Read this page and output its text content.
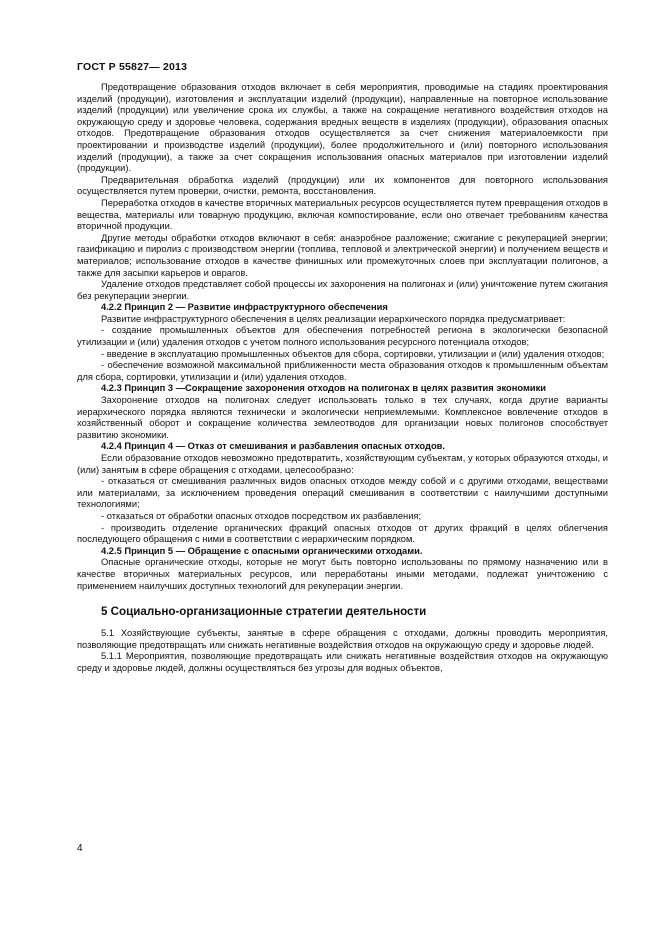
ГОСТ Р 55827— 2013

Предотвращение образования отходов включает в себя мероприятия, проводимые на стадиях проектирования изделий (продукции), изготовления и эксплуатации изделий (продукции), направленные на повторное использование изделий (продукции) или увеличение срока их службы, а также на сокращение негативного воздействия отходов на окружающую среду и здоровье человека, содержания вредных веществ в изделиях (продукции), образования опасных отходов. Предотвращение образования отходов осуществляется за счет снижения материалоемкости при проектировании и производстве изделий (продукции), более продолжительного и (или) повторного использования изделий (продукции), а также за счет сокращения использования опасных материалов при изготовлении изделий (продукции).

Предварительная обработка изделий (продукции) или их компонентов для повторного использования осуществляется путем проверки, очистки, ремонта, восстановления.

Переработка отходов в качестве вторичных материальных ресурсов осуществляется путем превращения отходов в вещества, материалы или товарную продукцию, включая компостирование, если оно отвечает требованиям качества вторичной продукции.

Другие методы обработки отходов включают в себя: анаэробное разложение; сжигание с рекуперацией энергии; газификацию и пиролиз с производством энергии (топлива, тепловой и электрической энергии) и получением веществ и материалов; использование отходов в качестве финишных или промежуточных слоев при эксплуатации полигонов, а также для засыпки карьеров и оврагов.

Удаление отходов представляет собой процессы их захоронения на полигонах и (или) уничтожение путем сжигания без рекуперации энергии.

4.2.2 Принцип 2 — Развитие инфраструктурного обеспечения

Развитие инфраструктурного обеспечения в целях реализации иерархического порядка предусматривает:

- создание промышленных объектов для обеспечения потребностей региона в экологически безопасной утилизации и (или) удаления отходов с учетом полного использования ресурсного потенциала отходов;

- введение в эксплуатацию промышленных объектов для сбора, сортировки, утилизации и (или) удаления отходов;

- обеспечение возможной максимальной приближенности места образования отходов к промышленным объектам для сбора, сортировки, утилизации и (или) удаления отходов.

4.2.3 Принцип 3 —Сокращение захоронения отходов на полигонах в целях развития экономики

Захоронение отходов на полигонах следует использовать только в тех случаях, когда другие варианты иерархического порядка являются технически и экологически неприемлемыми. Комплексное вовлечение отходов в хозяйственный оборот и сокращение количества землеотводов для организации новых полигонов способствует развитию экономики.

4.2.4 Принцип 4 — Отказ от смешивания и разбавления опасных отходов.

Если образование отходов невозможно предотвратить, хозяйствующим субъектам, у которых образуются отходы, и (или) занятым в сфере обращения с отходами, целесообразно:

- отказаться от смешивания различных видов опасных отходов между собой и с другими отходами, веществами или материалами, за исключением проведения операций смешивания в соответствии с наилучшими доступными технологиями;

- отказаться от обработки опасных отходов посредством их разбавления;

- производить отделение органических фракций опасных отходов от других фракций в целях облегчения последующего обращения с ними в соответствии с иерархическим порядком.

4.2.5 Принцип 5 — Обращение с опасными органическими отходами.

Опасные органические отходы, которые не могут быть повторно использованы по прямому назначению или в качестве вторичных материальных ресурсов, или переработаны иными методами, подлежат уничтожению с применением наилучших доступных технологий для рекуперации энергии.

5 Социально-организационные стратегии деятельности

5.1 Хозяйствующие субъекты, занятые в сфере обращения с отходами, должны проводить мероприятия, позволяющие предотвращать или снижать негативные воздействия отходов на окружающую среду и здоровье людей.

5.1.1 Мероприятия, позволяющие предотвращать или снижать негативные воздействия отходов на окружающую среду и здоровье людей, должны осуществляться без угрозы для водных объектов,

4
